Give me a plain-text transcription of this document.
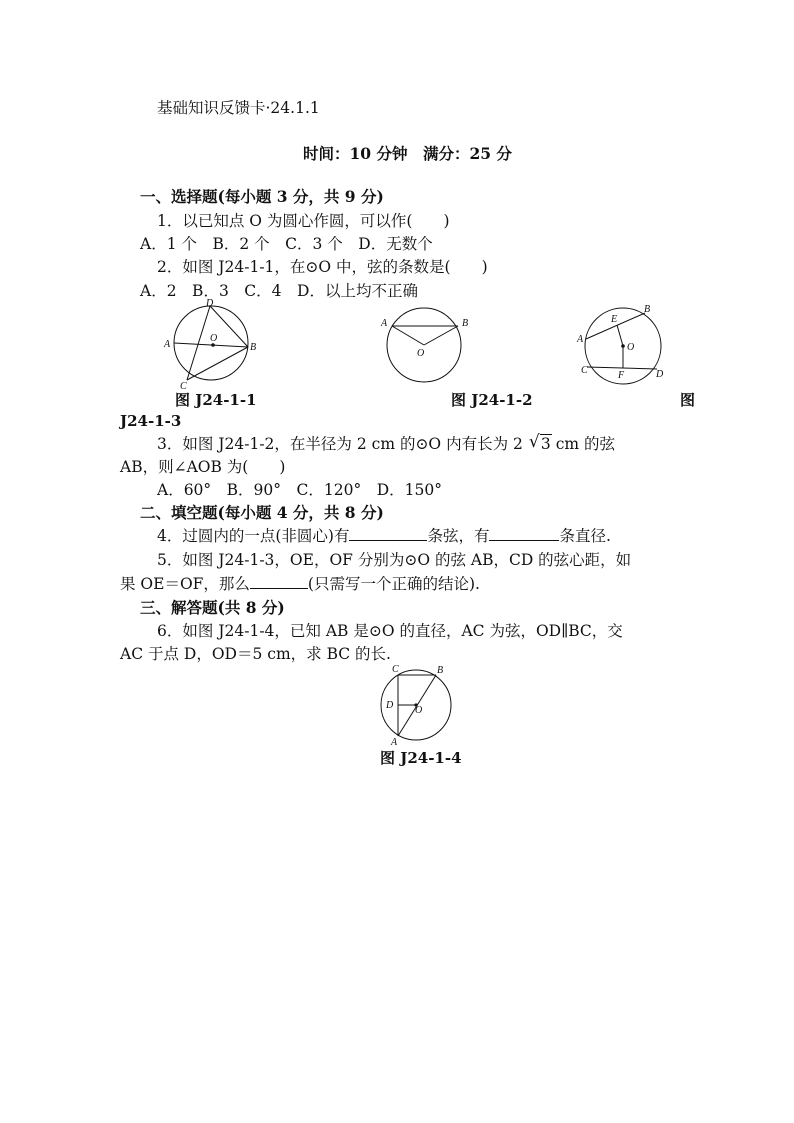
基础知识反馈卡·24.1.1
时间：10 分钟　满分：25 分
一、选择题(每小题 3 分，共 9 分)
1．以已知点 O 为圆心作圆，可以作(　　)
A．1 个　B．2 个　C．3 个　D．无数个
2．如图 J24-1-1，在⊙O 中，弦的条数是(　　)
A．2　B．3　C．4　D．以上均不正确
D
A
O
B
C
图 J24-1-1
A	B
O
图 J24-1-2
B
A
E
O
C	F	D
图
J24-1-3
3．如图 J24-1-2，在半径为 2 cm 的⊙O 内有长为 2 √ 3 cm 的弦
AB，则∠AOB 为(　　)
A．60°　B．90°　C．120°　D．150°
二、填空题(每小题 4 分，共 8 分)
4．过圆内的一点(非圆心)有	条弦，有	条直径.
5．如图 J24-1-3，OE，OF 分别为⊙O 的弦 AB，CD 的弦心距，如
果 OE＝OF，那么	(只需写一个正确的结论).
三、解答题(共 8 分)
6．如图 J24-1-4，已知 AB 是⊙O 的直径，AC 为弦，OD∥BC，交
AC 于点 D，OD＝5 cm，求 BC 的长.
C	B
D O
A
图 J24-1-4
